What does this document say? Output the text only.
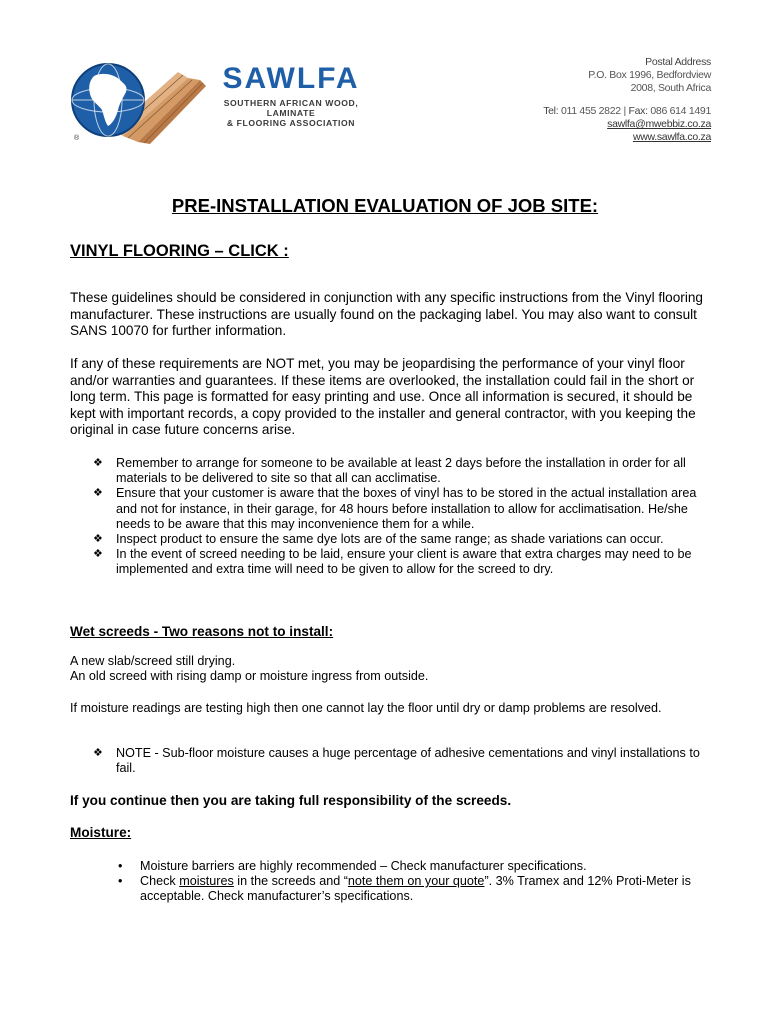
®
SAWLFA
SOUTHERN AFRICAN WOOD, LAMINATE
& FLOORING ASSOCIATION
Postal Address
P.O. Box 1996, Bedfordview
2008, South Africa
Tel: 011 455 2822 | Fax: 086 614 1491
sawlfa@mwebbiz.co.za
www.sawlfa.co.za
PRE-INSTALLATION EVALUATION OF JOB SITE:
VINYL FLOORING – CLICK :
These guidelines should be considered in conjunction with any specific instructions from the Vinyl flooring manufacturer. These instructions are usually found on the packaging label. You may also want to consult SANS 10070 for further information.
If any of these requirements are NOT met, you may be jeopardising the performance of your vinyl floor and/or warranties and guarantees. If these items are overlooked, the installation could fail in the short or long term. This page is formatted for easy printing and use. Once all information is secured, it should be kept with important records, a copy provided to the installer and general contractor, with you keeping the original in case future concerns arise.
❖ Remember to arrange for someone to be available at least 2 days before the installation in order for all materials to be delivered to site so that all can acclimatise.
❖ Ensure that your customer is aware that the boxes of vinyl has to be stored in the actual installation area and not for instance, in their garage, for 48 hours before installation to allow for acclimatisation. He/she needs to be aware that this may inconvenience them for a while.
❖ Inspect product to ensure the same dye lots are of the same range; as shade variations can occur.
❖ In the event of screed needing to be laid, ensure your client is aware that extra charges may need to be implemented and extra time will need to be given to allow for the screed to dry.
Wet screeds - Two reasons not to install:
A new slab/screed still drying.
An old screed with rising damp or moisture ingress from outside.
If moisture readings are testing high then one cannot lay the floor until dry or damp problems are resolved.
❖ NOTE - Sub-floor moisture causes a huge percentage of adhesive cementations and vinyl installations to fail.
If you continue then you are taking full responsibility of the screeds.
Moisture:
• Moisture barriers are highly recommended – Check manufacturer specifications.
• Check moistures in the screeds and “note them on your quote”. 3% Tramex and 12% Proti-Meter is acceptable. Check manufacturer’s specifications.
